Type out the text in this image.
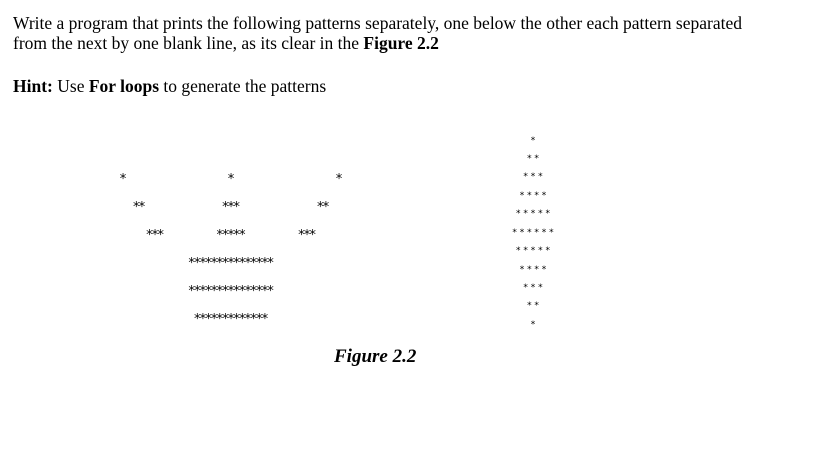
Write a program that prints the following patterns separately, one below the other each pattern separated
from the next by one blank line, as its clear in the Figure 2.2
Hint: Use For loops to generate the patterns
*	*	*
**	***	**
***	*****	***
***************
***************
*************
*
* *
* * *
* * * *
* * * * *
* * * * * *
* * * * *
* * * *
* * *
* *
*
Figure 2.2
